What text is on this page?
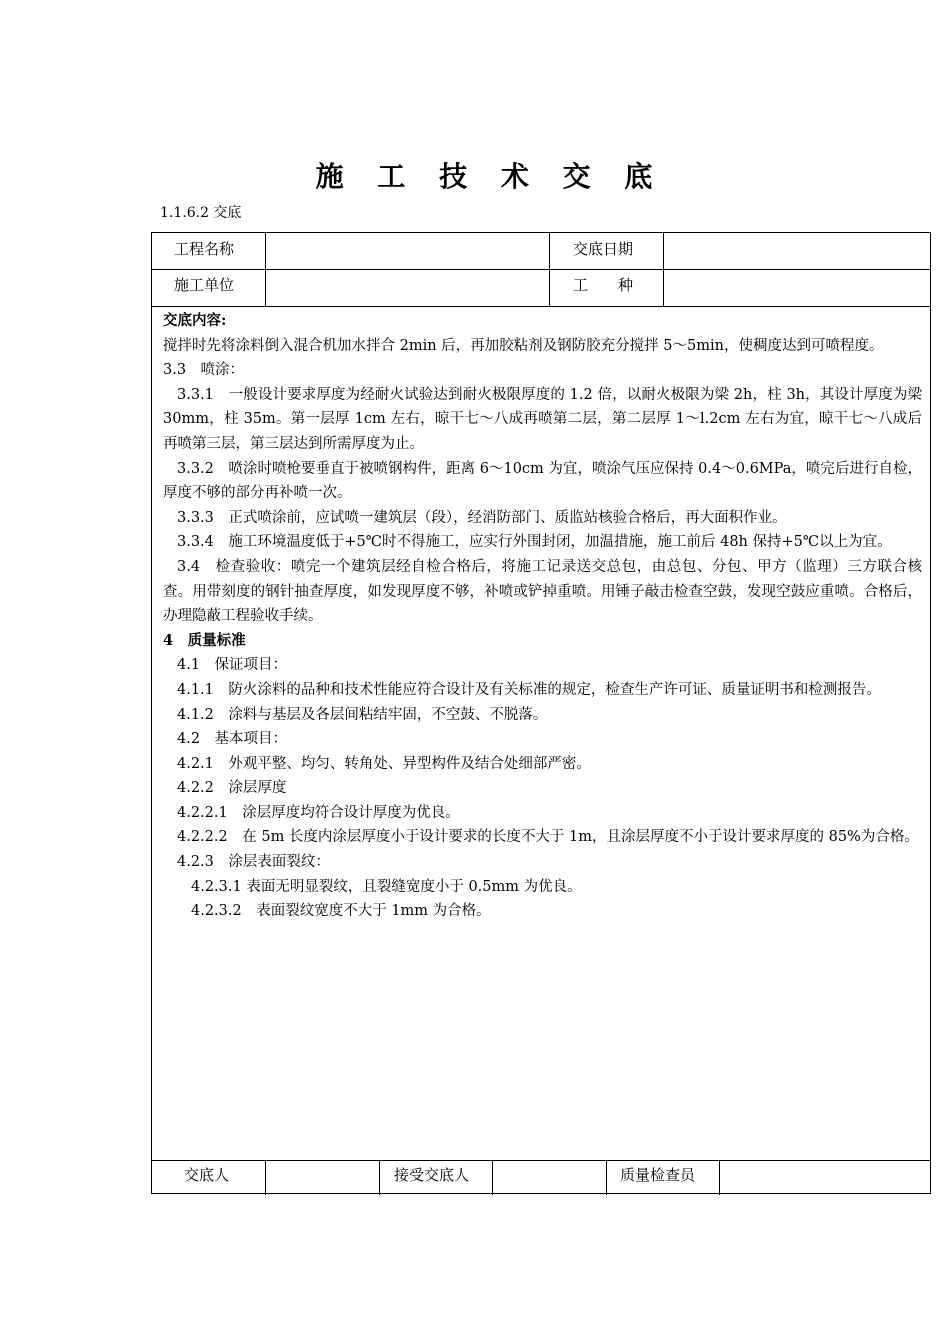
施 工 技 术 交 底
1.1.6.2 交底
工程名称	交底日期
施工单位	工　　种

交底内容:

搅拌时先将涂料倒入混合机加水拌合 2min 后，再加胶粘剂及钢防胶充分搅拌 5～5min，使稠度达到可喷程度。

3.3　喷涂：

3.3.1　一般设计要求厚度为经耐火试验达到耐火极限厚度的 1.2 倍，以耐火极限为梁 2h，柱 3h，其设计厚度为梁 30mm，柱 35m。第一层厚 1cm 左右，晾干七～八成再喷第二层，第二层厚 1～l.2cm 左右为宜，晾干七～八成后再喷第三层，第三层达到所需厚度为止。

3.3.2　喷涂时喷枪要垂直于被喷钢构件，距离 6～10cm 为宜，喷涂气压应保持 0.4～0.6MPa，喷完后进行自检，厚度不够的部分再补喷一次。

3.3.3　正式喷涂前，应试喷一建筑层（段），经消防部门、质监站核验合格后，再大面积作业。

3.3.4　施工环境温度低于+5℃时不得施工，应实行外围封闭，加温措施，施工前后 48h 保持+5℃以上为宜。

3.4　检查验收：喷完一个建筑层经自检合格后，将施工记录送交总包，由总包、分包、甲方（监理）三方联合核查。用带刻度的钢针抽查厚度，如发现厚度不够，补喷或铲掉重喷。用锤子敲击检查空鼓，发现空鼓应重喷。合格后，办理隐蔽工程验收手续。

4　质量标准

4.1　保证项目：

4.1.1　防火涂料的品种和技术性能应符合设计及有关标准的规定，检查生产许可证、质量证明书和检测报告。

4.1.2　涂料与基层及各层间粘结牢固，不空鼓、不脱落。

4.2　基本项目：

4.2.1　外观平整、均匀、转角处、异型构件及结合处细部严密。

4.2.2　涂层厚度

4.2.2.1　涂层厚度均符合设计厚度为优良。

4.2.2.2　在 5m 长度内涂层厚度小于设计要求的长度不大于 1m，且涂层厚度不小于设计要求厚度的 85%为合格。

4.2.3　涂层表面裂纹：

4.2.3.1 表面无明显裂纹，且裂缝宽度小于 0.5mm 为优良。

4.2.3.2　表面裂纹宽度不大于 1mm 为合格。

交底人	接受交底人	质量检查员
